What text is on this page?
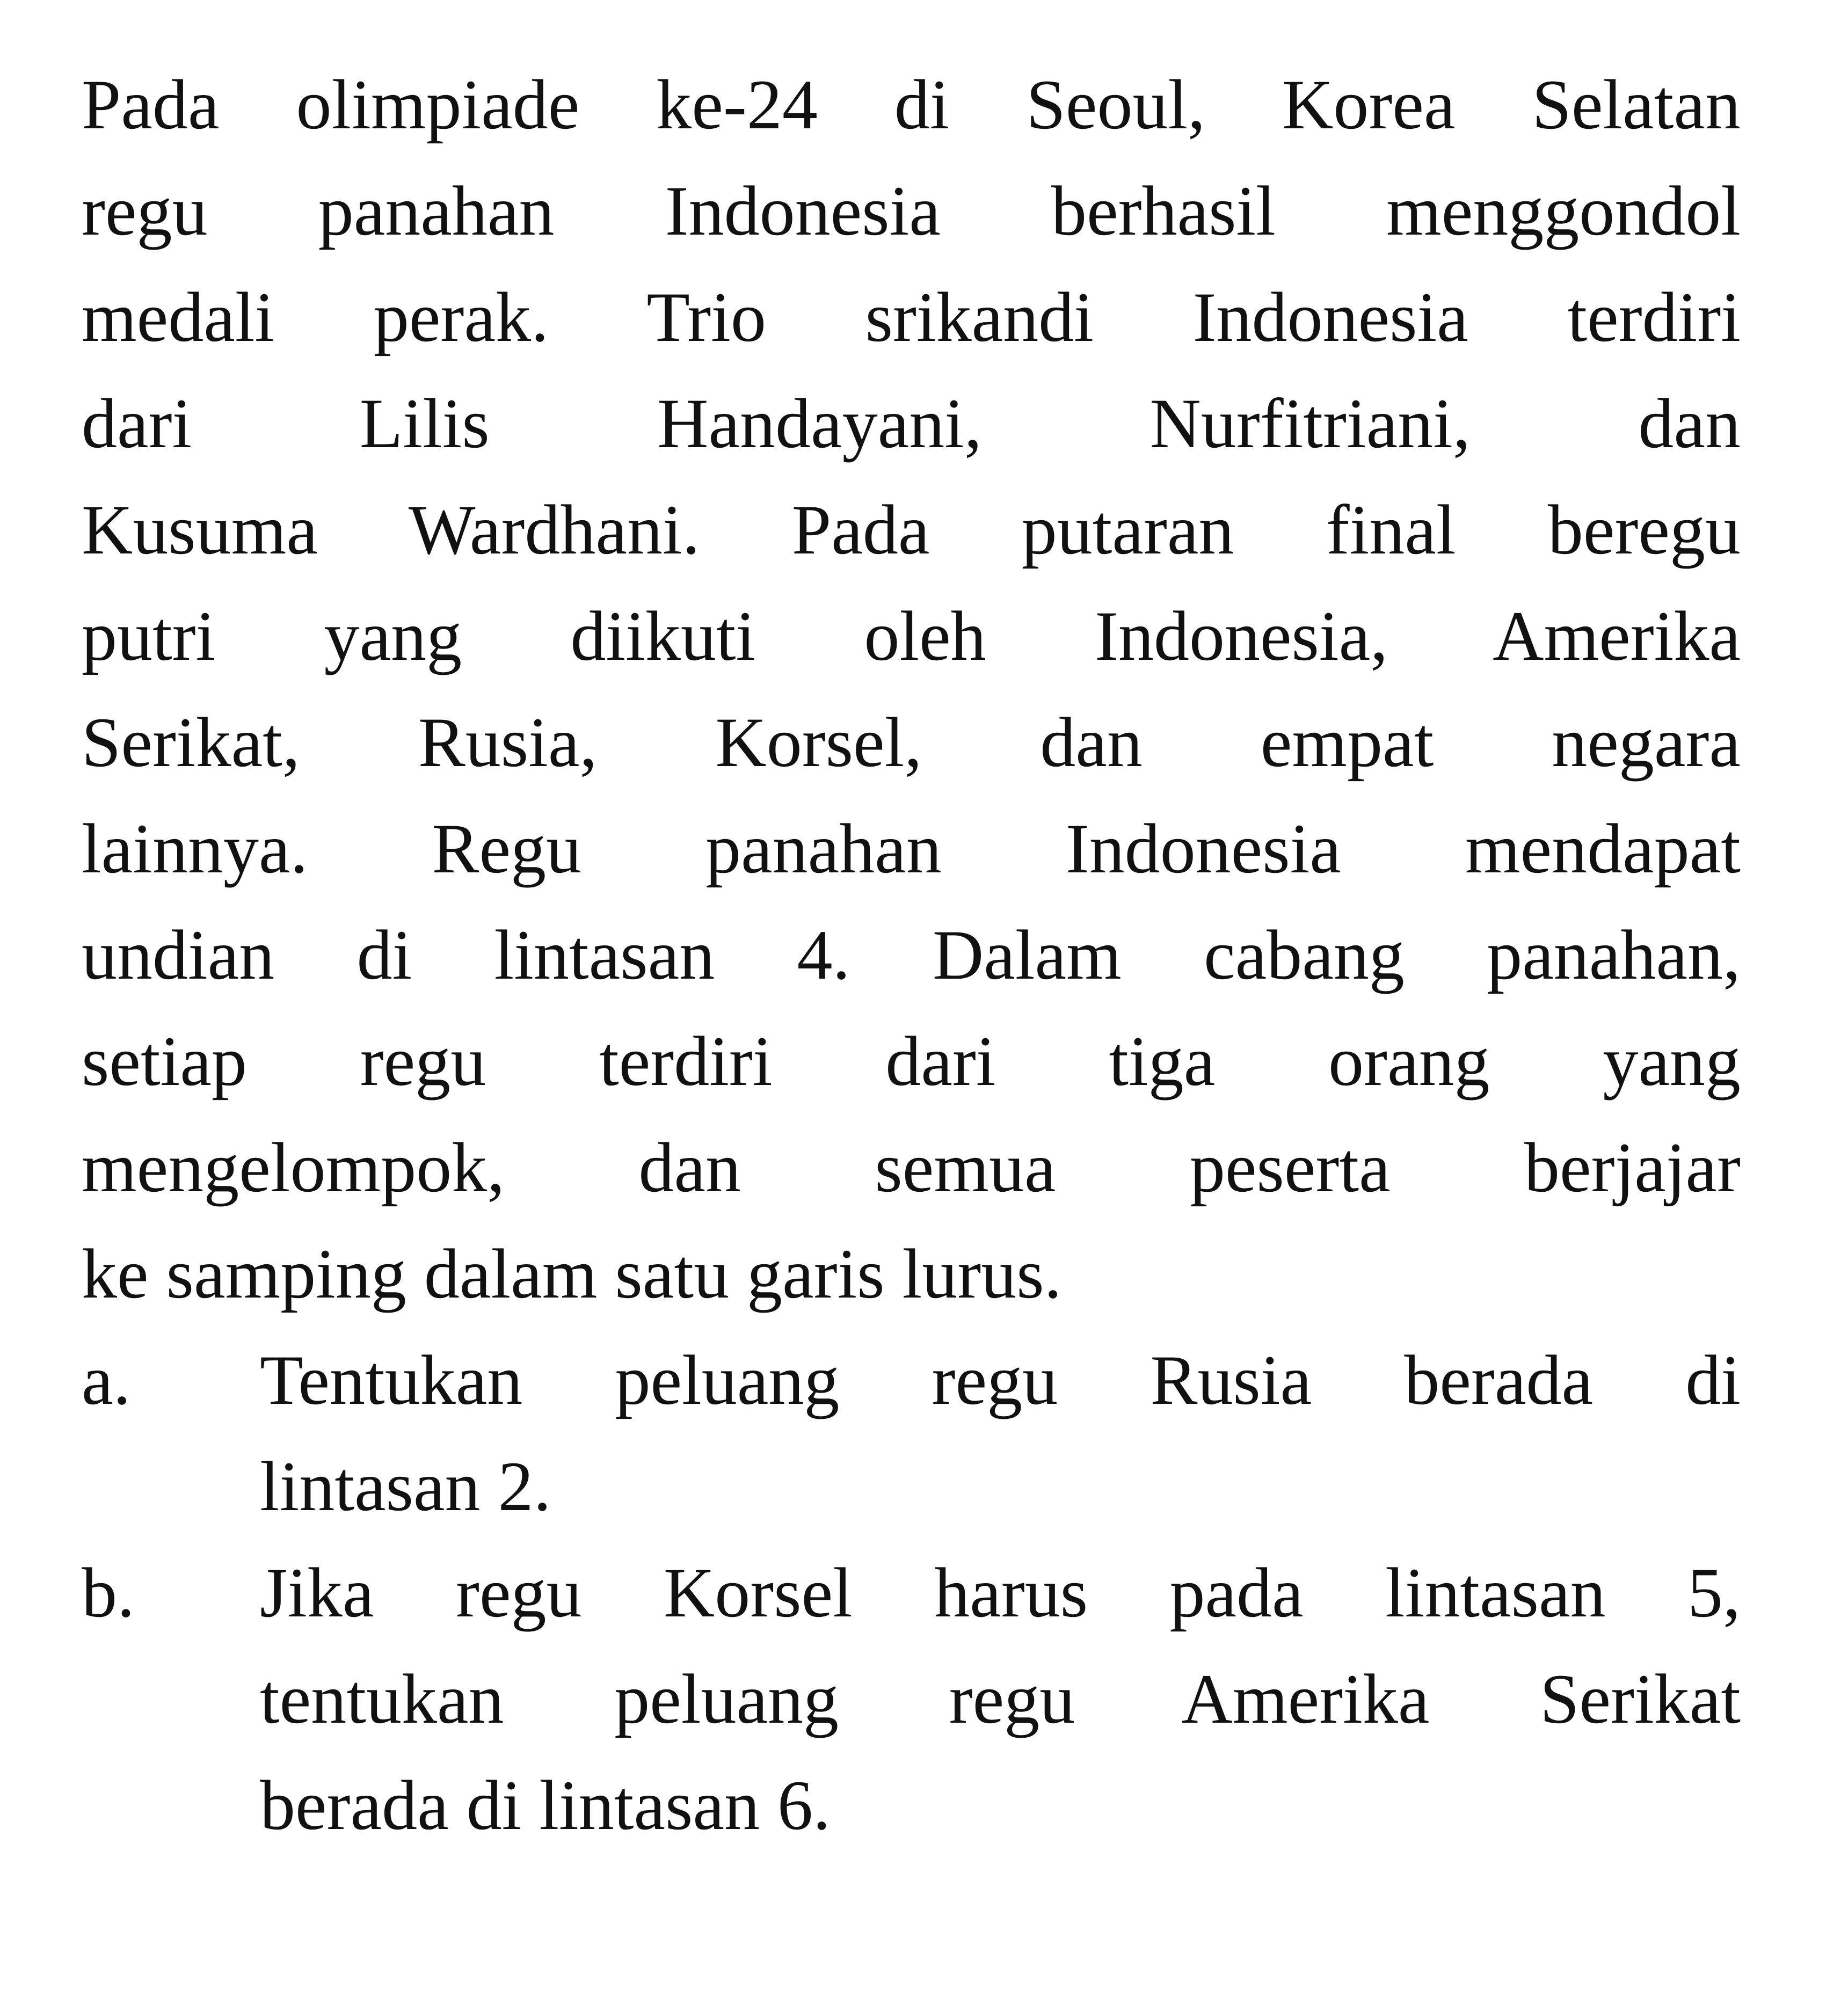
Pada olimpiade ke-24 di Seoul, Korea Selatan
regu panahan Indonesia berhasil menggondol
medali perak. Trio srikandi Indonesia terdiri
dari Lilis Handayani, Nurfitriani, dan
Kusuma Wardhani. Pada putaran final beregu
putri yang diikuti oleh Indonesia, Amerika
Serikat, Rusia, Korsel, dan empat negara
lainnya. Regu panahan Indonesia mendapat
undian di lintasan 4. Dalam cabang panahan,
setiap regu terdiri dari tiga orang yang
mengelompok, dan semua peserta berjajar
ke samping dalam satu garis lurus.

a.	Tentukan peluang regu Rusia berada di
lintasan 2.
b.	Jika regu Korsel harus pada lintasan 5,
tentukan peluang regu Amerika Serikat
berada di lintasan 6.
